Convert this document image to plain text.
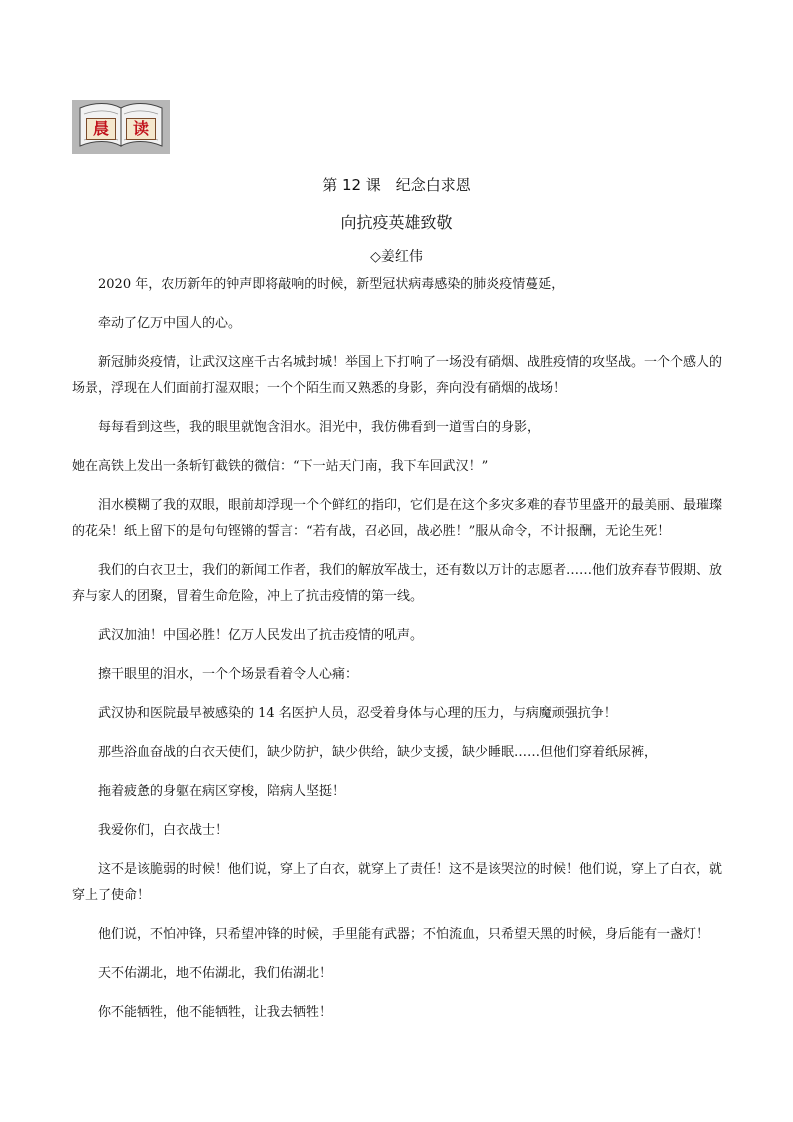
晨	读
第 12 课　纪念白求恩
向抗疫英雄致敬
◇姜红伟

2020 年，农历新年的钟声即将敲响的时候，新型冠状病毒感染的肺炎疫情蔓延，

牵动了亿万中国人的心。

新冠肺炎疫情，让武汉这座千古名城封城！举国上下打响了一场没有硝烟、战胜疫情的攻坚战。一个个感人的场景，浮现在人们面前打湿双眼；一个个陌生而又熟悉的身影，奔向没有硝烟的战场！

每每看到这些，我的眼里就饱含泪水。泪光中，我仿佛看到一道雪白的身影，

她在高铁上发出一条斩钉截铁的微信：“下一站天门南，我下车回武汉！”

泪水模糊了我的双眼，眼前却浮现一个个鲜红的指印，它们是在这个多灾多难的春节里盛开的最美丽、最璀璨的花朵！纸上留下的是句句铿锵的誓言：“若有战，召必回，战必胜！”服从命令，不计报酬，无论生死！

我们的白衣卫士，我们的新闻工作者，我们的解放军战士，还有数以万计的志愿者……他们放弃春节假期、放弃与家人的团聚，冒着生命危险，冲上了抗击疫情的第一线。

武汉加油！中国必胜！亿万人民发出了抗击疫情的吼声。

擦干眼里的泪水，一个个场景看着令人心痛：

武汉协和医院最早被感染的 14 名医护人员，忍受着身体与心理的压力，与病魔顽强抗争！

那些浴血奋战的白衣天使们，缺少防护，缺少供给，缺少支援，缺少睡眠……但他们穿着纸尿裤，

拖着疲惫的身躯在病区穿梭，陪病人坚挺！

我爱你们，白衣战士！

这不是该脆弱的时候！他们说，穿上了白衣，就穿上了责任！这不是该哭泣的时候！他们说，穿上了白衣，就穿上了使命！

他们说，不怕冲锋，只希望冲锋的时候，手里能有武器；不怕流血，只希望天黑的时候，身后能有一盏灯！

天不佑湖北，地不佑湖北，我们佑湖北！

你不能牺牲，他不能牺牲，让我去牺牲！
